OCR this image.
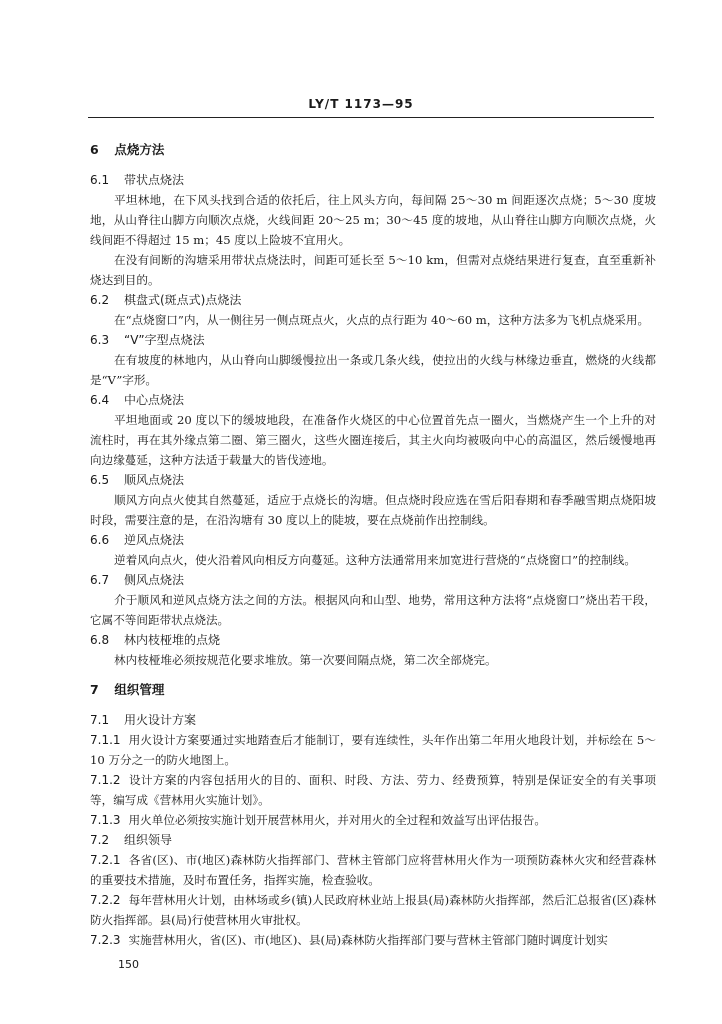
LY/T 1173—95
6 点烧方法
6.1 带状点烧法

平坦林地，在下风头找到合适的依托后，往上风头方向，每间隔 25～30 m 间距逐次点烧；5～30 度坡地，从山脊往山脚方向顺次点烧，火线间距 20～25 m；30～45 度的坡地，从山脊往山脚方向顺次点烧，火线间距不得超过 15 m；45 度以上险坡不宜用火。

在没有间断的沟塘采用带状点烧法时，间距可延长至 5～10 km，但需对点烧结果进行复查，直至重新补烧达到目的。

6.2 棋盘式(斑点式)点烧法

在“点烧窗口”内，从一侧往另一侧点斑点火，火点的点行距为 40～60 m，这种方法多为飞机点烧采用。

6.3 “V”字型点烧法

在有坡度的林地内，从山脊向山脚缓慢拉出一条或几条火线，使拉出的火线与林缘边垂直，燃烧的火线都是“V”字形。

6.4 中心点烧法

平坦地面或 20 度以下的缓坡地段，在准备作火烧区的中心位置首先点一圈火，当燃烧产生一个上升的对流柱时，再在其外缘点第二圈、第三圈火，这些火圈连接后，其主火向均被吸向中心的高温区，然后缓慢地再向边缘蔓延，这种方法适于载量大的皆伐迹地。

6.5 顺风点烧法

顺风方向点火使其自然蔓延，适应于点烧长的沟塘。但点烧时段应选在雪后阳春期和春季融雪期点烧阳坡时段，需要注意的是，在沿沟塘有 30 度以上的陡坡，要在点烧前作出控制线。

6.6 逆风点烧法

逆着风向点火，使火沿着风向相反方向蔓延。这种方法通常用来加宽进行营烧的“点烧窗口”的控制线。

6.7 侧风点烧法

介于顺风和逆风点烧方法之间的方法。根据风向和山型、地势，常用这种方法将“点烧窗口”烧出若干段，它属不等间距带状点烧法。

6.8 林内枝桠堆的点烧

林内枝桠堆必须按规范化要求堆放。第一次要间隔点烧，第二次全部烧完。

7 组织管理
7.1 用火设计方案

7.1.1 用火设计方案要通过实地踏查后才能制订，要有连续性，头年作出第二年用火地段计划，并标绘在 5～10 万分之一的防火地图上。

7.1.2 设计方案的内容包括用火的目的、面积、时段、方法、劳力、经费预算，特别是保证安全的有关事项等，编写成《营林用火实施计划》。

7.1.3 用火单位必须按实施计划开展营林用火，并对用火的全过程和效益写出评估报告。

7.2 组织领导

7.2.1 各省(区)、市(地区)森林防火指挥部门、营林主管部门应将营林用火作为一项预防森林火灾和经营森林的重要技术措施，及时布置任务，指挥实施，检查验收。

7.2.2 每年营林用火计划，由林场或乡(镇)人民政府林业站上报县(局)森林防火指挥部，然后汇总报省(区)森林防火指挥部。县(局)行使营林用火审批权。

7.2.3 实施营林用火，省(区)、市(地区)、县(局)森林防火指挥部门要与营林主管部门随时调度计划实

150
